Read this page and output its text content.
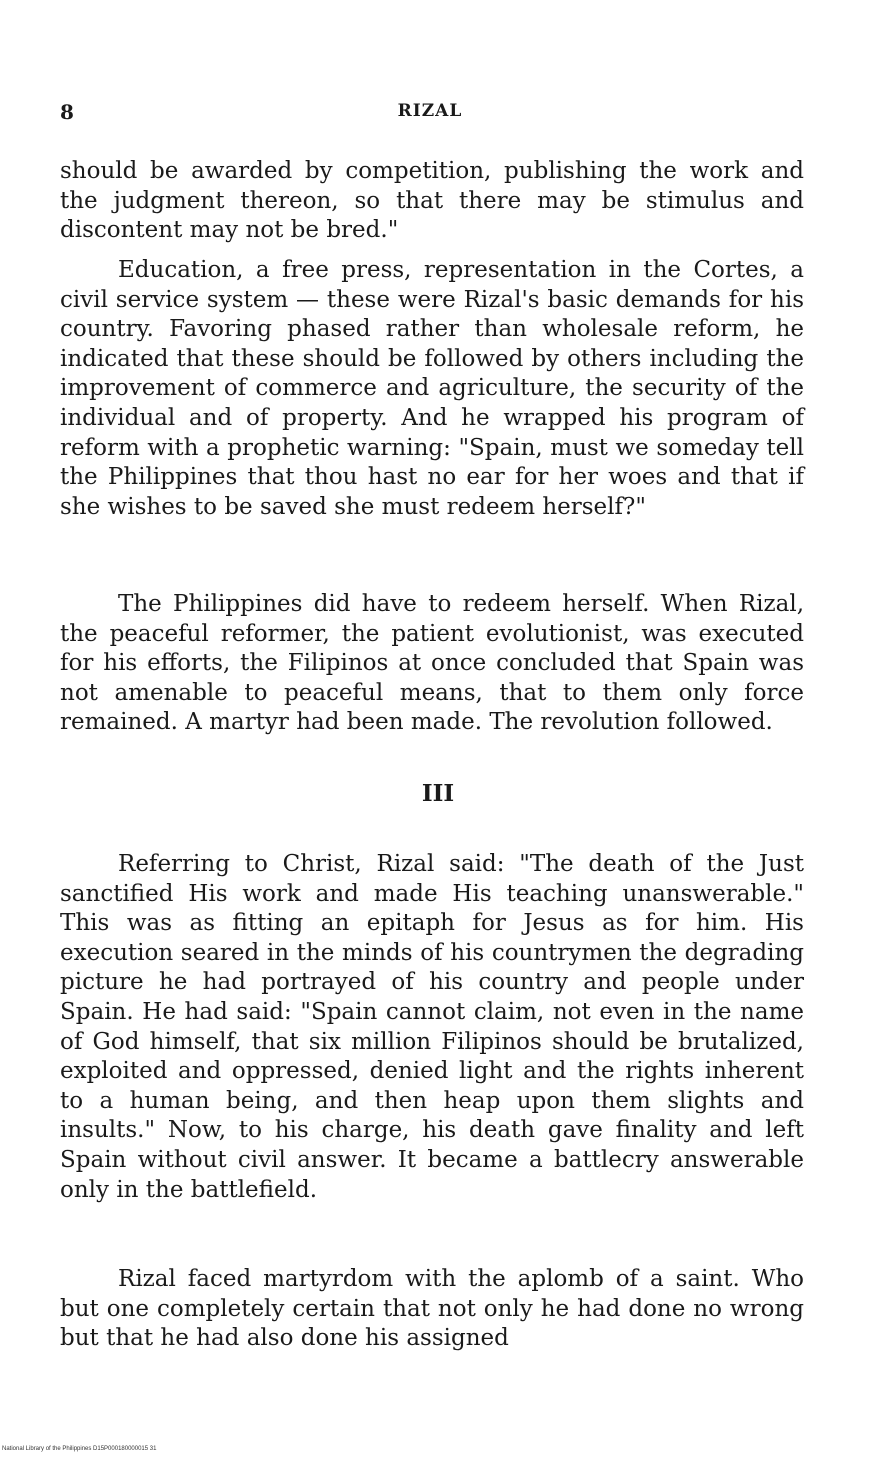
8	RIZAL

should be awarded by competition, publishing the work and the judgment thereon, so that there may be stimulus and discontent may not be bred."

Education, a free press, representation in the Cortes, a civil service system — these were Rizal's basic demands for his country. Favoring phased rather than wholesale reform, he indicated that these should be followed by others including the improvement of commerce and agriculture, the security of the individual and of property. And he wrapped his program of reform with a prophetic warning: "Spain, must we someday tell the Philippines that thou hast no ear for her woes and that if she wishes to be saved she must redeem herself?"

The Philippines did have to redeem herself. When Rizal, the peaceful reformer, the patient evolutionist, was executed for his efforts, the Filipinos at once concluded that Spain was not amenable to peaceful means, that to them only force remained. A martyr had been made. The revolution followed.

III

Referring to Christ, Rizal said: "The death of the Just sanctified His work and made His teaching unanswerable." This was as fitting an epitaph for Jesus as for him. His execution seared in the minds of his countrymen the degrading picture he had portrayed of his country and people under Spain. He had said: "Spain cannot claim, not even in the name of God himself, that six million Filipinos should be brutalized, exploited and oppressed, denied light and the rights inherent to a human being, and then heap upon them slights and insults." Now, to his charge, his death gave finality and left Spain without civil answer. It became a battlecry answerable only in the battlefield.

Rizal faced martyrdom with the aplomb of a saint. Who but one completely certain that not only he had done no wrong but that he had also done his assigned

National Library of the Philippines D15P000180000015 31
